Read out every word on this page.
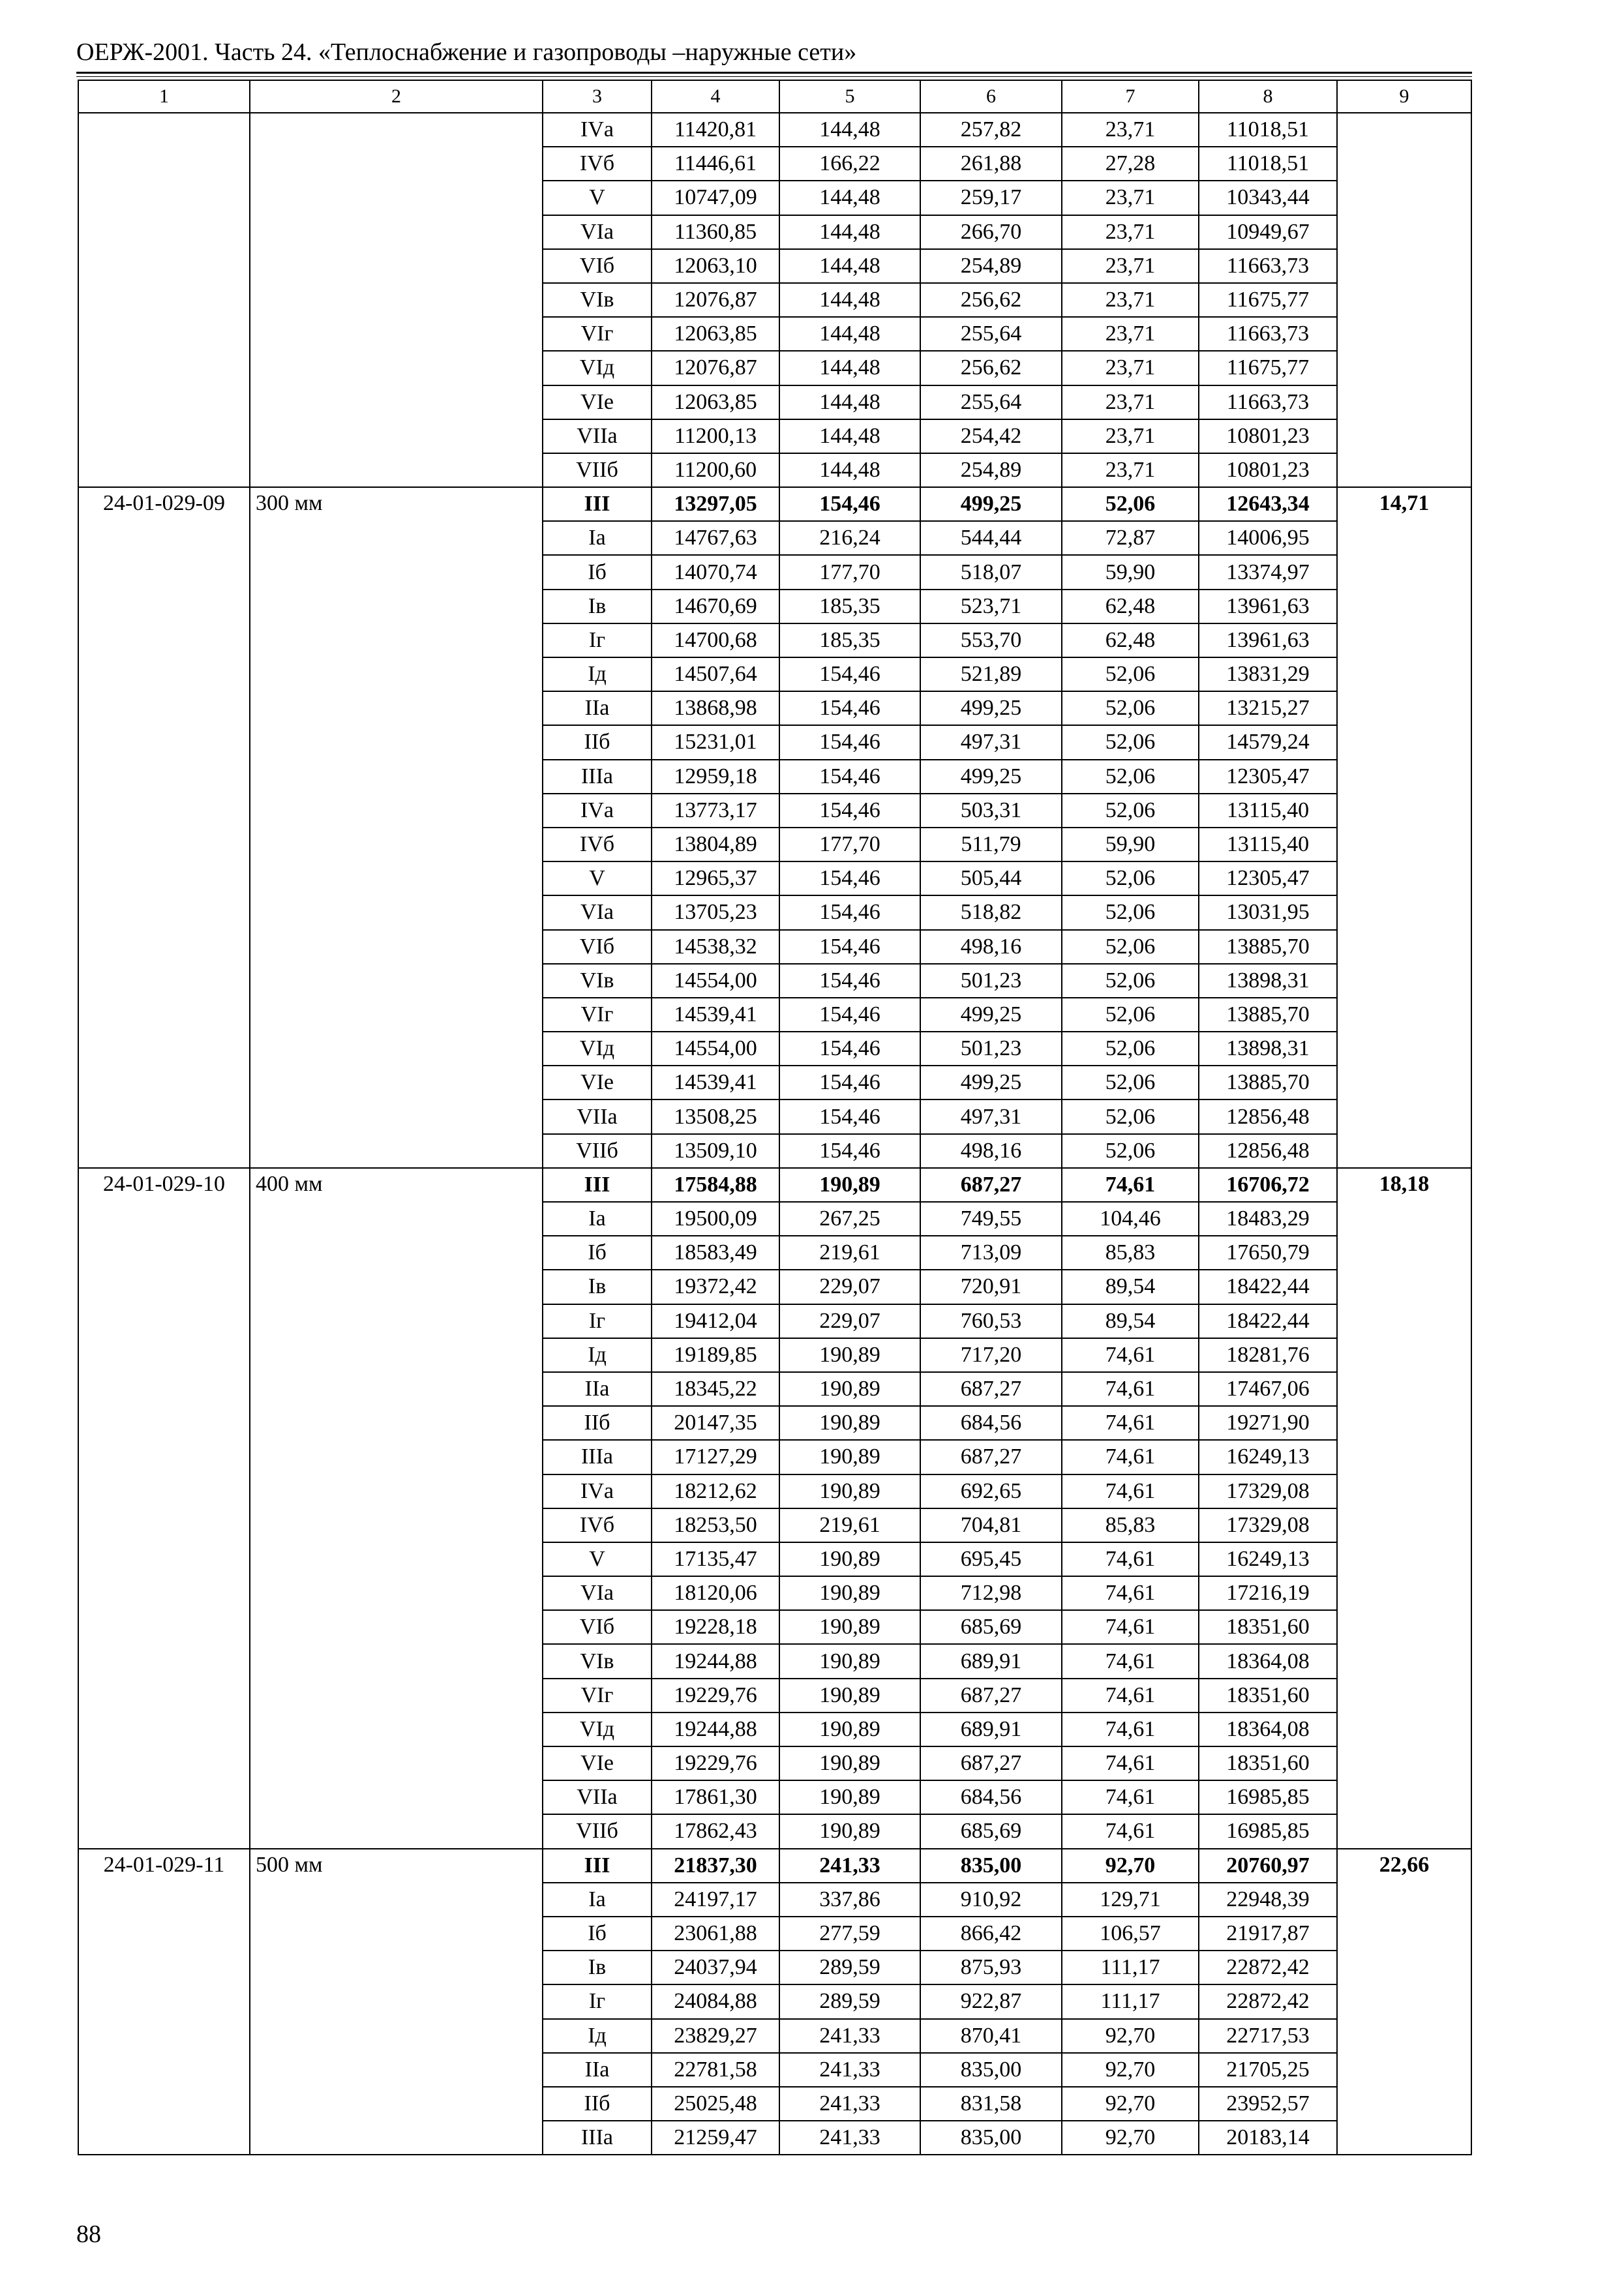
ОЕРЖ-2001. Часть 24. «Теплоснабжение и газопроводы –наружные сети»
1	2	3	4	5	6	7	8	9
		IVа	11420,81	144,48	257,82	23,71	11018,51	
		IVб	11446,61	166,22	261,88	27,28	11018,51	
		V	10747,09	144,48	259,17	23,71	10343,44	
		VIа	11360,85	144,48	266,70	23,71	10949,67	
		VIб	12063,10	144,48	254,89	23,71	11663,73	
		VIв	12076,87	144,48	256,62	23,71	11675,77	
		VIг	12063,85	144,48	255,64	23,71	11663,73	
		VIд	12076,87	144,48	256,62	23,71	11675,77	
		VIе	12063,85	144,48	255,64	23,71	11663,73	
		VIIа	11200,13	144,48	254,42	23,71	10801,23	
		VIIб	11200,60	144,48	254,89	23,71	10801,23	
24-01-029-09	300 мм	III	13297,05	154,46	499,25	52,06	12643,34	14,71
		Iа	14767,63	216,24	544,44	72,87	14006,95	
		Iб	14070,74	177,70	518,07	59,90	13374,97	
		Iв	14670,69	185,35	523,71	62,48	13961,63	
		Iг	14700,68	185,35	553,70	62,48	13961,63	
		Iд	14507,64	154,46	521,89	52,06	13831,29	
		IIа	13868,98	154,46	499,25	52,06	13215,27	
		IIб	15231,01	154,46	497,31	52,06	14579,24	
		IIIа	12959,18	154,46	499,25	52,06	12305,47	
		IVа	13773,17	154,46	503,31	52,06	13115,40	
		IVб	13804,89	177,70	511,79	59,90	13115,40	
		V	12965,37	154,46	505,44	52,06	12305,47	
		VIа	13705,23	154,46	518,82	52,06	13031,95	
		VIб	14538,32	154,46	498,16	52,06	13885,70	
		VIв	14554,00	154,46	501,23	52,06	13898,31	
		VIг	14539,41	154,46	499,25	52,06	13885,70	
		VIд	14554,00	154,46	501,23	52,06	13898,31	
		VIе	14539,41	154,46	499,25	52,06	13885,70	
		VIIа	13508,25	154,46	497,31	52,06	12856,48	
		VIIб	13509,10	154,46	498,16	52,06	12856,48	
24-01-029-10	400 мм	III	17584,88	190,89	687,27	74,61	16706,72	18,18
		Iа	19500,09	267,25	749,55	104,46	18483,29	
		Iб	18583,49	219,61	713,09	85,83	17650,79	
		Iв	19372,42	229,07	720,91	89,54	18422,44	
		Iг	19412,04	229,07	760,53	89,54	18422,44	
		Iд	19189,85	190,89	717,20	74,61	18281,76	
		IIа	18345,22	190,89	687,27	74,61	17467,06	
		IIб	20147,35	190,89	684,56	74,61	19271,90	
		IIIа	17127,29	190,89	687,27	74,61	16249,13	
		IVа	18212,62	190,89	692,65	74,61	17329,08	
		IVб	18253,50	219,61	704,81	85,83	17329,08	
		V	17135,47	190,89	695,45	74,61	16249,13	
		VIа	18120,06	190,89	712,98	74,61	17216,19	
		VIб	19228,18	190,89	685,69	74,61	18351,60	
		VIв	19244,88	190,89	689,91	74,61	18364,08	
		VIг	19229,76	190,89	687,27	74,61	18351,60	
		VIд	19244,88	190,89	689,91	74,61	18364,08	
		VIе	19229,76	190,89	687,27	74,61	18351,60	
		VIIа	17861,30	190,89	684,56	74,61	16985,85	
		VIIб	17862,43	190,89	685,69	74,61	16985,85	
24-01-029-11	500 мм	III	21837,30	241,33	835,00	92,70	20760,97	22,66
		Iа	24197,17	337,86	910,92	129,71	22948,39	
		Iб	23061,88	277,59	866,42	106,57	21917,87	
		Iв	24037,94	289,59	875,93	111,17	22872,42	
		Iг	24084,88	289,59	922,87	111,17	22872,42	
		Iд	23829,27	241,33	870,41	92,70	22717,53	
		IIа	22781,58	241,33	835,00	92,70	21705,25	
		IIб	25025,48	241,33	831,58	92,70	23952,57	
		IIIа	21259,47	241,33	835,00	92,70	20183,14	
88
